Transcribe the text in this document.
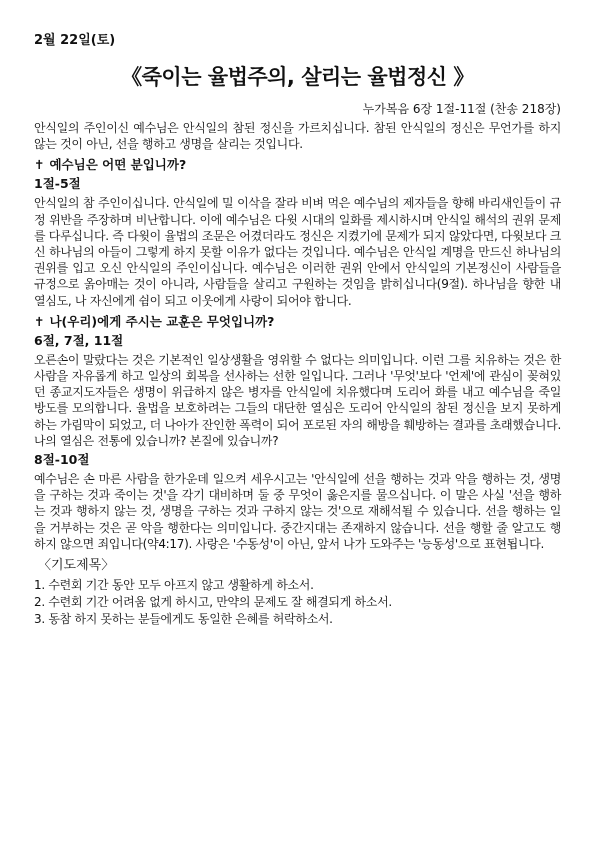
2월 22일(토)
《죽이는 율법주의, 살리는 율법정신 》
누가복음 6장 1절-11절 (찬송 218장)

안식일의 주인이신 예수님은 안식일의 참된 정신을 가르치십니다. 참된 안식일의 정신은 무언가를 하지 않는 것이 아닌, 선을 행하고 생명을 살리는 것입니다.

✝ 예수님은 어떤 분입니까?
1절-5절

안식일의 참 주인이십니다. 안식일에 밀 이삭을 잘라 비벼 먹은 예수님의 제자들을 향해 바리새인들이 규정 위반을 주장하며 비난합니다. 이에 예수님은 다윗 시대의 일화를 제시하시며 안식일 해석의 권위 문제를 다루십니다. 즉 다윗이 율법의 조문은 어겼더라도 정신은 지켰기에 문제가 되지 않았다면, 다윗보다 크신 하나님의 아들이 그렇게 하지 못할 이유가 없다는 것입니다. 예수님은 안식일 계명을 만드신 하나님의 권위를 입고 오신 안식일의 주인이십니다. 예수님은 이러한 권위 안에서 안식일의 기본정신이 사람들을 규정으로 옭아매는 것이 아니라, 사람들을 살리고 구원하는 것임을 밝히십니다(9절). 하나님을 향한 내 열심도, 나 자신에게 쉼이 되고 이웃에게 사랑이 되어야 합니다.

✝ 나(우리)에게 주시는 교훈은 무엇입니까?
6절, 7절, 11절

오른손이 말랐다는 것은 기본적인 일상생활을 영위할 수 없다는 의미입니다. 이런 그를 치유하는 것은 한 사람을 자유롭게 하고 일상의 회복을 선사하는 선한 일입니다. 그러나 '무엇'보다 '언제'에 관심이 꽂혀있던 종교지도자들은 생명이 위급하지 않은 병자를 안식일에 치유했다며 도리어 화를 내고 예수님을 죽일 방도를 모의합니다. 율법을 보호하려는 그들의 대단한 열심은 도리어 안식일의 참된 정신을 보지 못하게 하는 가림막이 되었고, 더 나아가 잔인한 폭력이 되어 포로된 자의 해방을 훼방하는 결과를 초래했습니다. 나의 열심은 전통에 있습니까? 본질에 있습니까?

8절-10절

예수님은 손 마른 사람을 한가운데 일으켜 세우시고는 '안식일에 선을 행하는 것과 악을 행하는 것, 생명을 구하는 것과 죽이는 것'을 각기 대비하며 둘 중 무엇이 옳은지를 물으십니다. 이 말은 사실 '선을 행하는 것과 행하지 않는 것, 생명을 구하는 것과 구하지 않는 것'으로 재해석될 수 있습니다. 선을 행하는 일을 거부하는 것은 곧 악을 행한다는 의미입니다. 중간지대는 존재하지 않습니다. 선을 행할 줄 알고도 행하지 않으면 죄입니다(약4:17). 사랑은 '수동성'이 아닌, 앞서 나가 도와주는 '능동성'으로 표현됩니다.

〈기도제목〉
1. 수련회 기간 동안 모두 아프지 않고 생활하게 하소서.
2. 수련회 기간 어려움 없게 하시고, 만약의 문제도 잘 해결되게 하소서.
3. 동참 하지 못하는 분들에게도 동일한 은혜를 허락하소서.
